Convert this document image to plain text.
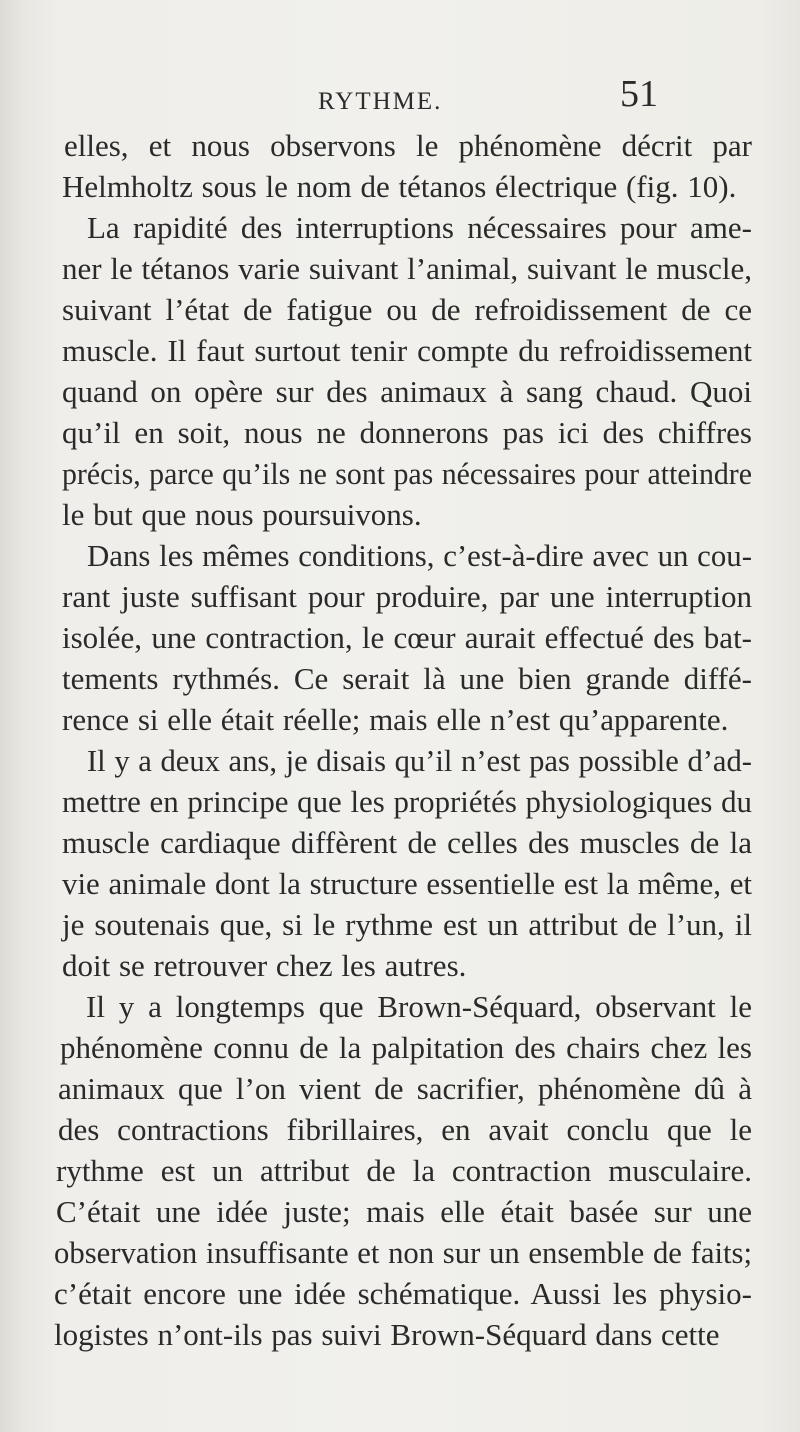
RYTHME.	51
elles, et nous observons le phénomène décrit par
Helmholtz sous le nom de tétanos électrique (fig. 10).
La rapidité des interruptions nécessaires pour ame-
ner le tétanos varie suivant l’animal, suivant le muscle,
suivant l’état de fatigue ou de refroidissement de ce
muscle. Il faut surtout tenir compte du refroidissement
quand on opère sur des animaux à sang chaud. Quoi
qu’il en soit, nous ne donnerons pas ici des chiffres
précis, parce qu’ils ne sont pas nécessaires pour atteindre
le but que nous poursuivons.
Dans les mêmes conditions, c’est-à-dire avec un cou-
rant juste suffisant pour produire, par une interruption
isolée, une contraction, le cœur aurait effectué des bat-
tements rythmés. Ce serait là une bien grande diffé-
rence si elle était réelle; mais elle n’est qu’apparente.
Il y a deux ans, je disais qu’il n’est pas possible d’ad-
mettre en principe que les propriétés physiologiques du
muscle cardiaque diffèrent de celles des muscles de la
vie animale dont la structure essentielle est la même, et
je soutenais que, si le rythme est un attribut de l’un, il
doit se retrouver chez les autres.
Il y a longtemps que Brown-Séquard, observant le
phénomène connu de la palpitation des chairs chez les
animaux que l’on vient de sacrifier, phénomène dû à
des contractions fibrillaires, en avait conclu que le
rythme est un attribut de la contraction musculaire.
C’était une idée juste; mais elle était basée sur une
observation insuffisante et non sur un ensemble de faits;
c’était encore une idée schématique. Aussi les physio-
logistes n’ont-ils pas suivi Brown-Séquard dans cette
